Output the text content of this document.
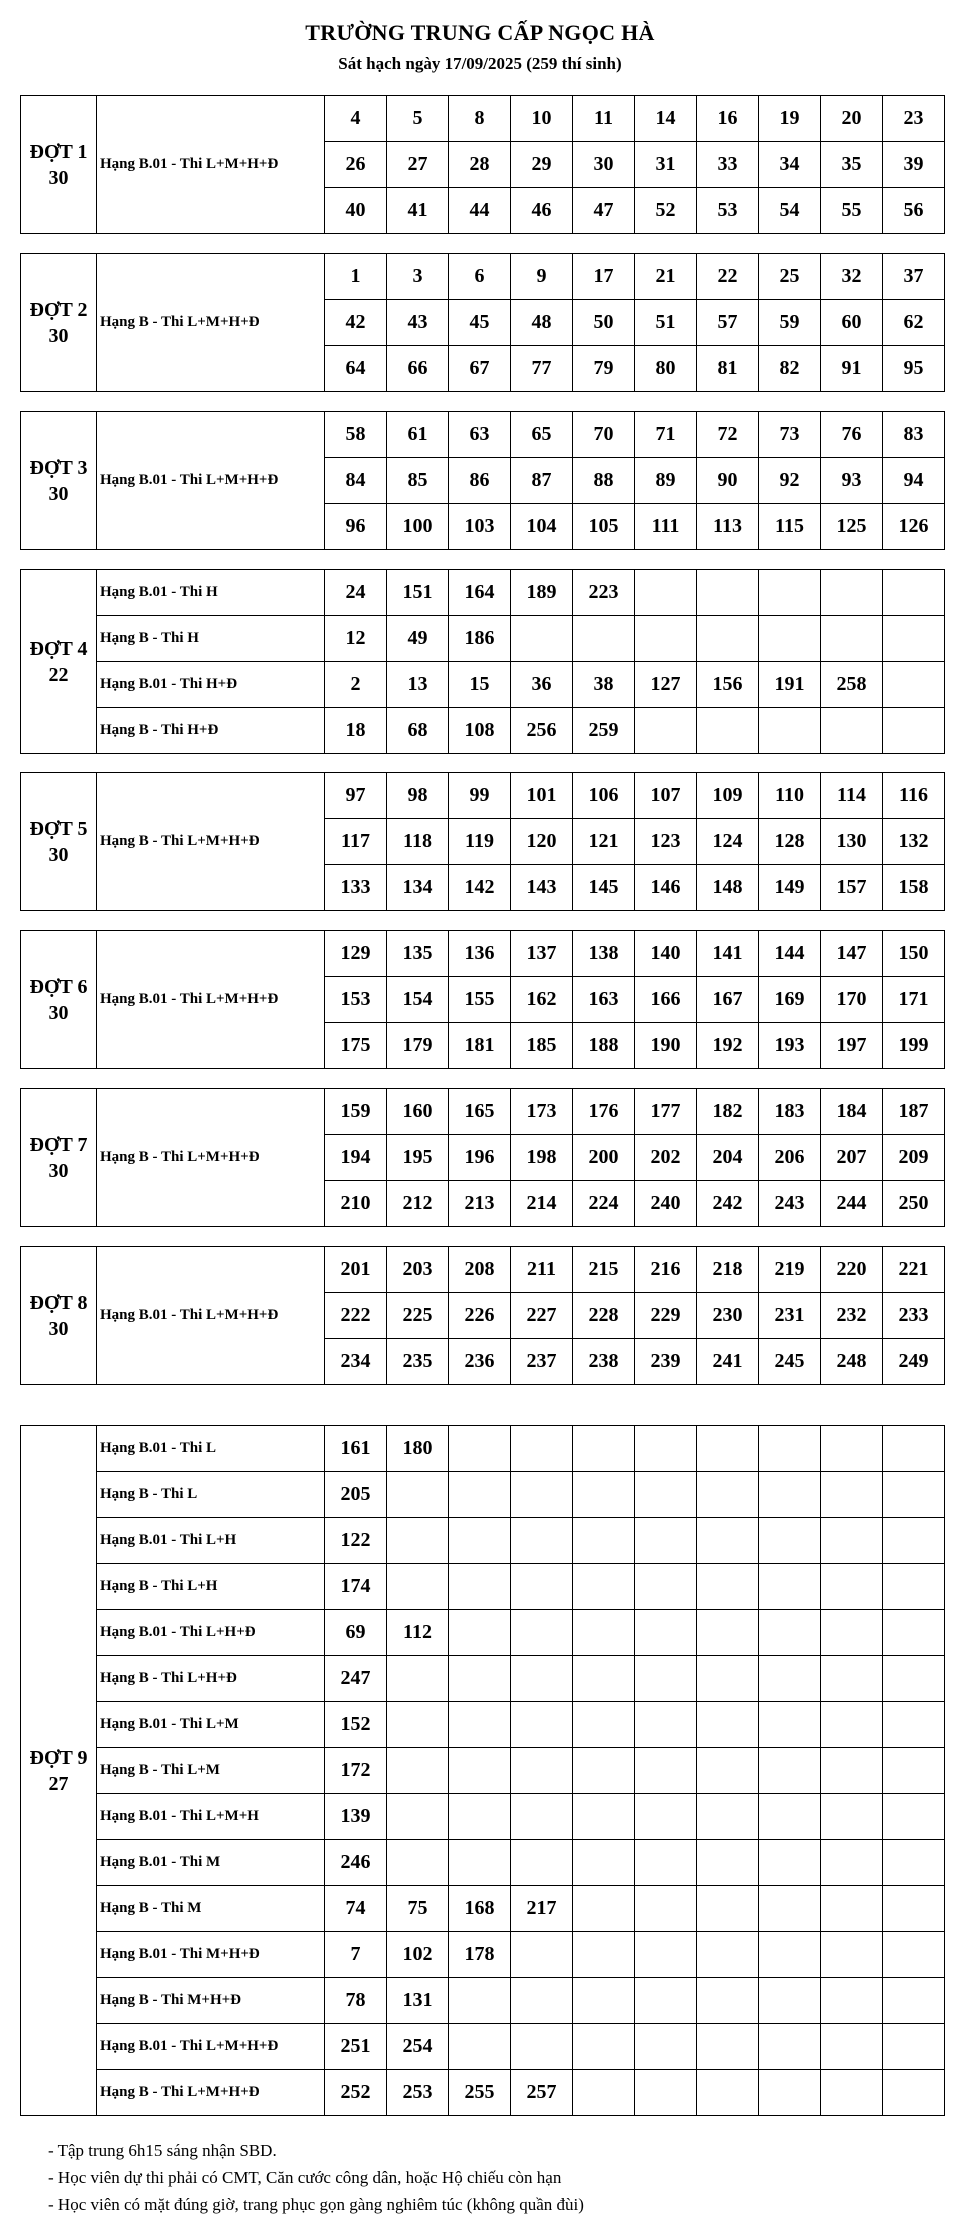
TRƯỜNG TRUNG CẤP NGỌC HÀ
Sát hạch ngày 17/09/2025 (259 thí sinh)
ĐỢT 1
30	Hạng B.01 - Thi L+M+H+Đ	4	5	8	10	11	14	16	19	20	23
		26	27	28	29	30	31	33	34	35	39
		40	41	44	46	47	52	53	54	55	56
ĐỢT 2
30	Hạng B - Thi L+M+H+Đ	1	3	6	9	17	21	22	25	32	37
		42	43	45	48	50	51	57	59	60	62
		64	66	67	77	79	80	81	82	91	95
ĐỢT 3
30	Hạng B.01 - Thi L+M+H+Đ	58	61	63	65	70	71	72	73	76	83
		84	85	86	87	88	89	90	92	93	94
		96	100	103	104	105	111	113	115	125	126
ĐỢT 4
22	Hạng B.01 - Thi H	24	151	164	189	223					
	Hạng B - Thi H	12	49	186							
	Hạng B.01 - Thi H+Đ	2	13	15	36	38	127	156	191	258	
	Hạng B - Thi H+Đ	18	68	108	256	259					
ĐỢT 5
30	Hạng B - Thi L+M+H+Đ	97	98	99	101	106	107	109	110	114	116
		117	118	119	120	121	123	124	128	130	132
		133	134	142	143	145	146	148	149	157	158
ĐỢT 6
30	Hạng B.01 - Thi L+M+H+Đ	129	135	136	137	138	140	141	144	147	150
		153	154	155	162	163	166	167	169	170	171
		175	179	181	185	188	190	192	193	197	199
ĐỢT 7
30	Hạng B - Thi L+M+H+Đ	159	160	165	173	176	177	182	183	184	187
		194	195	196	198	200	202	204	206	207	209
		210	212	213	214	224	240	242	243	244	250
ĐỢT 8
30	Hạng B.01 - Thi L+M+H+Đ	201	203	208	211	215	216	218	219	220	221
		222	225	226	227	228	229	230	231	232	233
		234	235	236	237	238	239	241	245	248	249
ĐỢT 9
27	Hạng B.01 - Thi L	161	180								
	Hạng B - Thi L	205									
	Hạng B.01 - Thi L+H	122									
	Hạng B - Thi L+H	174									
	Hạng B.01 - Thi L+H+Đ	69	112								
	Hạng B - Thi L+H+Đ	247									
	Hạng B.01 - Thi L+M	152									
	Hạng B - Thi L+M	172									
	Hạng B.01 - Thi L+M+H	139									
	Hạng B.01 - Thi M	246									
	Hạng B - Thi M	74	75	168	217						
	Hạng B.01 - Thi M+H+Đ	7	102	178							
	Hạng B - Thi M+H+Đ	78	131								
	Hạng B.01 - Thi L+M+H+Đ	251	254								
	Hạng B - Thi L+M+H+Đ	252	253	255	257						
- Tập trung 6h15 sáng nhận SBD.
- Học viên dự thi phải có CMT, Căn cước công dân, hoặc Hộ chiếu còn hạn
- Học viên có mặt đúng giờ, trang phục gọn gàng nghiêm túc (không quần đùi)
